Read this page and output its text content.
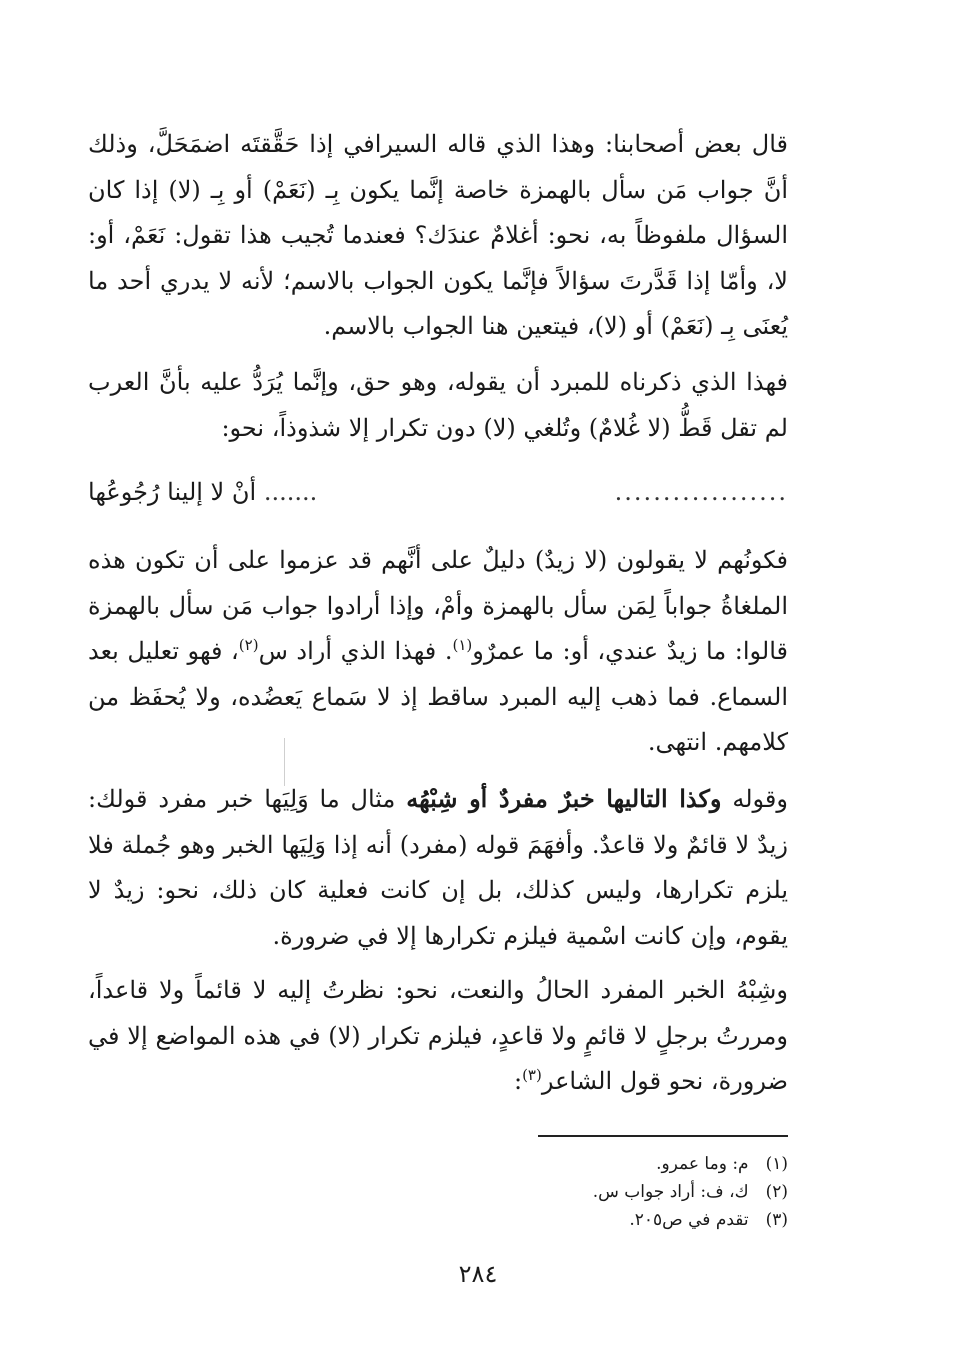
قال بعض أصحابنا: وهذا الذي قاله السيرافي إذا حَقَّقتَه اضمَحَلَّ، وذلك أنَّ جواب مَن سأل بالهمزة خاصة إنَّما يكون بِـ (نَعَمْ) أو بِـ (لا) إذا كان السؤال ملفوظاً به، نحو: أغلامٌ عندَك؟ فعندما تُجيب هذا تقول: نَعَمْ، أو: لا، وأمّا إذا قَدَّرتَ سؤالاً فإنَّما يكون الجواب بالاسم؛ لأنه لا يدري أحد ما يُعنَى بِـ (نَعَمْ) أو (لا)، فيتعين هنا الجواب بالاسم.

فهذا الذي ذكرناه للمبرد أن يقوله، وهو حق، وإنَّما يُرَدُّ عليه بأنَّ العرب لم تقل قَطُّ (لا غُلامٌ) وتُلغي (لا) دون تكرار إلا شذوذاً، نحو:

..................
....... أنْ لا إلينا رُجُوعُها

فكونُهم لا يقولون (لا زيدٌ) دليلٌ على أنَّهم قد عزموا على أن تكون هذه الملغاةُ جواباً لِمَن سأل بالهمزة وأمْ، وإذا أرادوا جواب مَن سأل بالهمزة قالوا: ما زيدٌ عندي، أو: ما عمرٌو$^{(١)}$. فهذا الذي أراد س$^{(٢)}$، فهو تعليل بعد السماع. فما ذهب إليه المبرد ساقط إذ لا سَماع يَعضُده، ولا يُحفَظ من كلامهم. انتهى.

وقوله وكذا التاليها خبرٌ مفردٌ أو شِبْهُه مثال ما وَلِيَها خبر مفرد قولك: زيدٌ لا قائمٌ ولا قاعدٌ. وأفهَمَ قوله (مفرد) أنه إذا وَلِيَها الخبر وهو جُملة فلا يلزم تكرارها، وليس كذلك، بل إن كانت فعلية كان ذلك، نحو: زيدٌ لا يقوم، وإن كانت اسْمية فيلزم تكرارها إلا في ضرورة.

وشِبْهُ الخبر المفرد الحالُ والنعت، نحو: نظرتُ إليه لا قائماً ولا قاعداً، ومررتُ برجلٍ لا قائمٍ ولا قاعدٍ، فيلزم تكرار (لا) في هذه المواضع إلا في ضرورة، نحو قول الشاعر$^{(٣)}$:

(١) م: وما عمرو.

(٢) ك، ف: أراد جواب س.

(٣) تقدم في ص٢٠٥.

٢٨٤
